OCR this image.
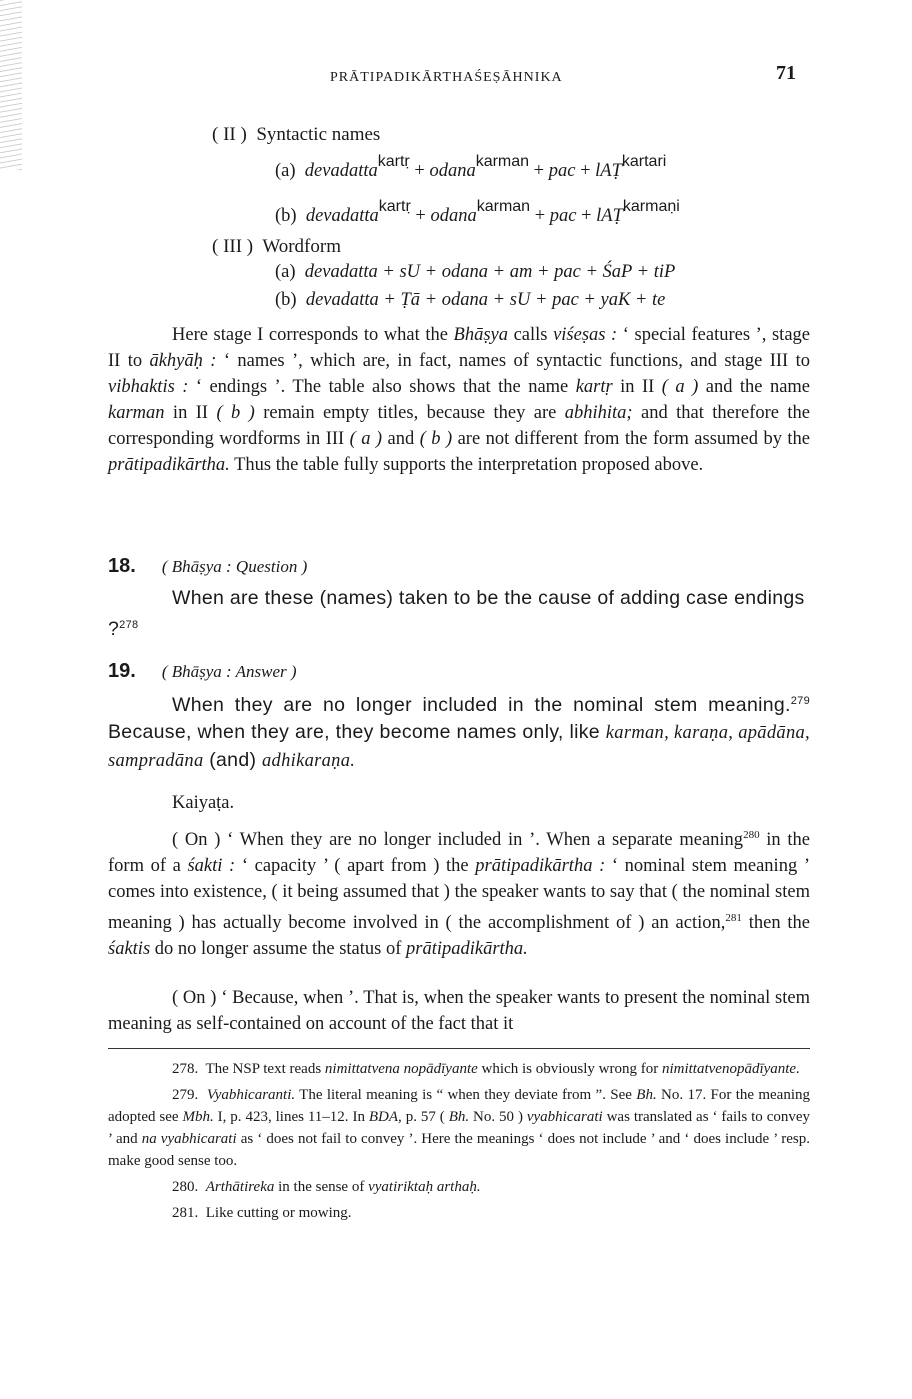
PRĀTIPADIKĀRTHAŚEṢĀHNIKA	71
( II ) Syntactic names
(a) devadatta$^{kartṛ}$ + odana$^{karman}$ + pac + lAṬ$^{kartari}$
(b) devadatta$^{kartṛ}$ + odana$^{karman}$ + pac + lAṬ$^{karmaṇi}$
( III ) Wordform
(a) devadatta + sU + odana + am + pac + ŚaP + tiP
(b) devadatta + Ṭā + odana + sU + pac + yaK + te

Here stage I corresponds to what the Bhāṣya calls viśeṣas : ‘ special features ’, stage II to ākhyāḥ : ‘ names ’, which are, in fact, names of syntactic functions, and stage III to vibhaktis : ‘ endings ’. The table also shows that the name kartṛ in II ( a ) and the name karman in II ( b ) remain empty titles, because they are abhihita; and that therefore the corresponding wordforms in III ( a ) and ( b ) are not different from the form assumed by the prātipadikārtha. Thus the table fully supports the interpretation proposed above.

18. ( Bhāṣya : Question )

When are these (names) taken to be the cause of adding case endings ?$^{278}$

19. ( Bhāṣya : Answer )

When they are no longer included in the nominal stem meaning.$^{279}$ Because, when they are, they become names only, like karman, karaṇa, apādāna, sampradāna (and) adhikaraṇa.

Kaiyaṭa.

( On ) ‘ When they are no longer included in ’. When a separate meaning$^{280}$ in the form of a śakti : ‘ capacity ’ ( apart from ) the prātipadikārtha : ‘ nominal stem meaning ’ comes into existence, ( it being assumed that ) the speaker wants to say that ( the nominal stem meaning ) has actually become involved in ( the accomplishment of ) an action,$^{281}$ then the śaktis do no longer assume the status of prātipadikārtha.

( On ) ‘ Because, when ’. That is, when the speaker wants to present the nominal stem meaning as self-contained on account of the fact that it

278. The NSP text reads nimittatvena nopādīyante which is obviously wrong for nimittatvenopādīyante.

279. Vyabhicaranti. The literal meaning is “ when they deviate from ”. See Bh. No. 17. For the meaning adopted see Mbh. I, p. 423, lines 11–12. In BDA, p. 57 ( Bh. No. 50 ) vyabhicarati was translated as ‘ fails to convey ’ and na vyabhicarati as ‘ does not fail to convey ’. Here the meanings ‘ does not include ’ and ‘ does include ’ resp. make good sense too.

280. Arthātireka in the sense of vyatiriktaḥ arthaḥ.

281. Like cutting or mowing.
